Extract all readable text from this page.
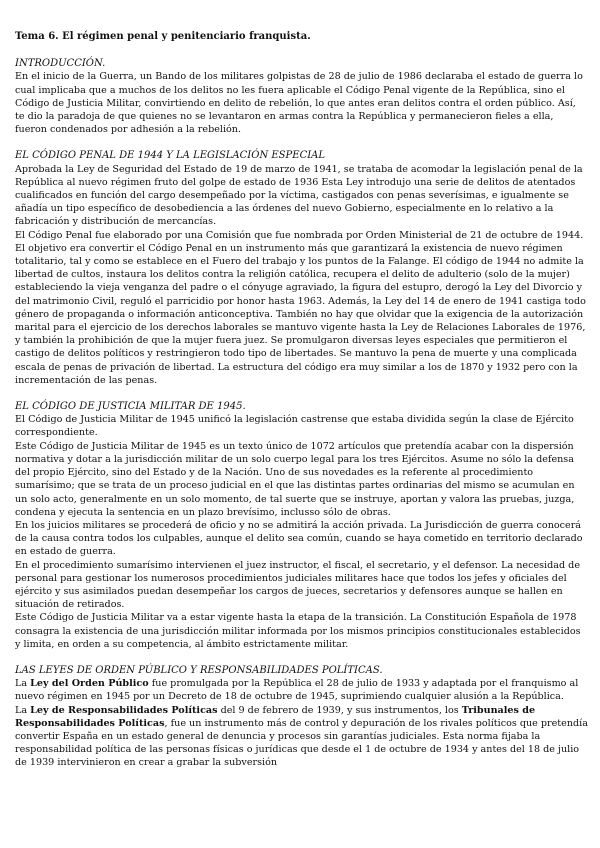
Tema 6. El régimen penal y penitenciario franquista.

INTRODUCCIÓN.

En el inicio de la Guerra, un Bando de los militares golpistas de 28 de julio de 1986 declaraba el estado de guerra lo cual implicaba que a muchos de los delitos no les fuera aplicable el Código Penal vigente de la República, sino el Código de Justicia Militar, convirtiendo en delito de rebelión, lo que antes eran delitos contra el orden público. Así, te dio la paradoja de que quienes no se levantaron en armas contra la República y permanecieron fieles a ella, fueron condenados por adhesión a la rebelión.

EL CÓDIGO PENAL DE 1944 Y LA LEGISLACIÓN ESPECIAL

Aprobada la Ley de Seguridad del Estado de 19 de marzo de 1941, se trataba de acomodar la legislación penal de la República al nuevo régimen fruto del golpe de estado de 1936 Esta Ley introdujo una serie de delitos de atentados cualificados en función del cargo desempeñado por la víctima, castigados con penas severísimas, e igualmente se añadía un tipo específico de desobediencia a las órdenes del nuevo Gobierno, especialmente en lo relativo a la fabricación y distribución de mercancías.

El Código Penal fue elaborado por una Comisión que fue nombrada por Orden Ministerial de 21 de octubre de 1944. El objetivo era convertir el Código Penal en un instrumento más que garantizará la existencia de nuevo régimen totalitario, tal y como se establece en el Fuero del trabajo y los puntos de la Falange. El código de 1944 no admite la libertad de cultos, instaura los delitos contra la religión católica, recupera el delito de adulterio (solo de la mujer) estableciendo la vieja venganza del padre o el cónyuge agraviado, la figura del estupro, derogó la Ley del Divorcio y del matrimonio Civil, reguló el parricidio por honor hasta 1963. Además, la Ley del 14 de enero de 1941 castiga todo género de propaganda o información anticonceptiva. También no hay que olvidar que la exigencia de la autorización marital para el ejercicio de los derechos laborales se mantuvo vigente hasta la Ley de Relaciones Laborales de 1976, y también la prohibición de que la mujer fuera juez. Se promulgaron diversas leyes especiales que permitieron el castigo de delitos políticos y restringieron todo tipo de libertades. Se mantuvo la pena de muerte y una complicada escala de penas de privación de libertad. La estructura del código era muy similar a los de 1870 y 1932 pero con la incrementación de las penas.

EL CÓDIGO DE JUSTICIA MILITAR DE 1945.

El Código de Justicia Militar de 1945 unificó la legislación castrense que estaba dividida según la clase de Ejército correspondiente.

Este Código de Justicia Militar de 1945 es un texto único de 1072 artículos que pretendía acabar con la dispersión normativa y dotar a la jurisdicción militar de un solo cuerpo legal para los tres Ejércitos. Asume no sólo la defensa del propio Ejército, sino del Estado y de la Nación. Uno de sus novedades es la referente al procedimiento sumarísimo; que se trata de un proceso judicial en el que las distintas partes ordinarias del mismo se acumulan en un solo acto, generalmente en un solo momento, de tal suerte que se instruye, aportan y valora las pruebas, juzga, condena y ejecuta la sentencia en un plazo brevísimo, inclusso sólo de obras.

En los juicios militares se procederá de oficio y no se admitirá la acción privada. La Jurisdicción de guerra conocerá de la causa contra todos los culpables, aunque el delito sea común, cuando se haya cometido en territorio declarado en estado de guerra.

En el procedimiento sumarísimo intervienen el juez instructor, el fiscal, el secretario, y el defensor. La necesidad de personal para gestionar los numerosos procedimientos judiciales militares hace que todos los jefes y oficiales del ejército y sus asimilados puedan desempeñar los cargos de jueces, secretarios y defensores aunque se hallen en situación de retirados.

Este Código de Justicia Militar va a estar vigente hasta la etapa de la transición. La Constitución Española de 1978 consagra la existencia de una jurisdicción militar informada por los mismos principios constitucionales establecidos y limita, en orden a su competencia, al ámbito estrictamente militar.

LAS LEYES DE ORDEN PÚBLICO Y RESPONSABILIDADES POLÍTICAS.

La Ley del Orden Público fue promulgada por la República el 28 de julio de 1933 y adaptada por el franquismo al nuevo régimen en 1945 por un Decreto de 18 de octubre de 1945, suprimiendo cualquier alusión a la República.

La Ley de Responsabilidades Políticas del 9 de febrero de 1939, y sus instrumentos, los Tribunales de Responsabilidades Políticas, fue un instrumento más de control y depuración de los rivales políticos que pretendía convertir España en un estado general de denuncia y procesos sin garantías judiciales. Esta norma fijaba la responsabilidad política de las personas físicas o jurídicas que desde el 1 de octubre de 1934 y antes del 18 de julio de 1939 intervinieron en crear a grabar la subversión
